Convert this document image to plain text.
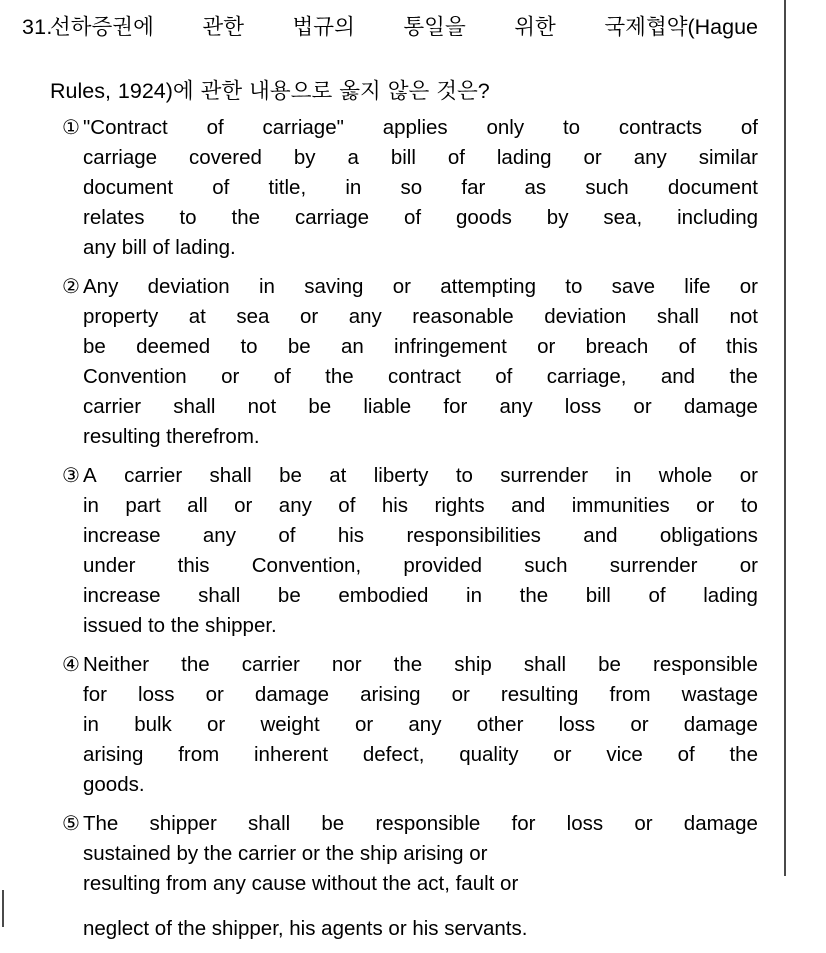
31.
선하증권에 관한 법규의 통일을 위한 국제협약(Hague
Rules, 1924)에 관한 내용으로 옳지 않은 것은?
① "Contract of carriage" applies only to contracts of
carriage covered by a bill of lading or any similar
document of title, in so far as such document
relates to the carriage of goods by sea, including
any bill of lading.
② Any deviation in saving or attempting to save life or
property at sea or any reasonable deviation shall not
be deemed to be an infringement or breach of this
Convention or of the contract of carriage, and the
carrier shall not be liable for any loss or damage
resulting therefrom.
③ A carrier shall be at liberty to surrender in whole or
in part all or any of his rights and immunities or to
increase any of his responsibilities and obligations
under this Convention, provided such surrender or
increase shall be embodied in the bill of lading
issued to the shipper.
④ Neither the carrier nor the ship shall be responsible
for loss or damage arising or resulting from wastage
in bulk or weight or any other loss or damage
arising from inherent defect, quality or vice of the
goods.
⑤ The shipper shall be responsible for loss or damage
sustained by the carrier or the ship arising or
resulting from any cause without the act, fault or
neglect of the shipper, his agents or his servants.
